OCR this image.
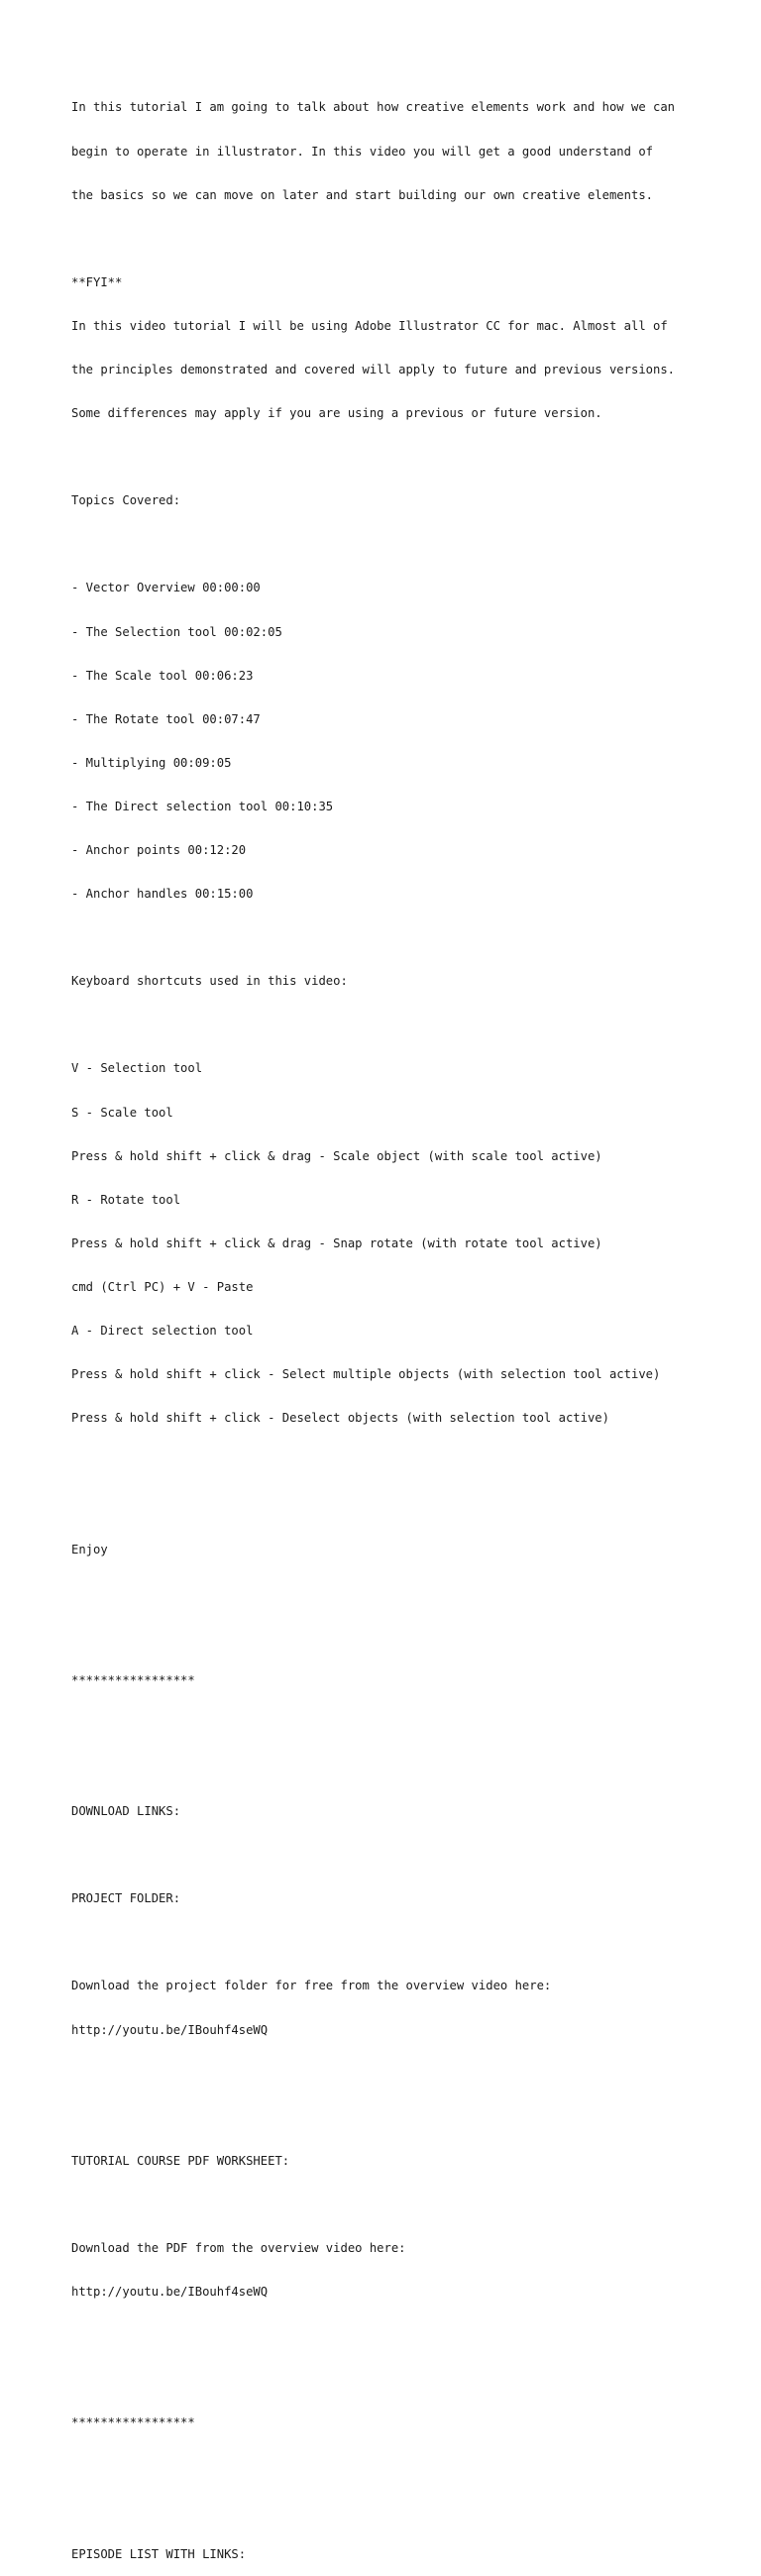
In this tutorial I am going to talk about how creative elements work and how we can

begin to operate in illustrator. In this video you will get a good understand of

the basics so we can move on later and start building our own creative elements.

**FYI**

In this video tutorial I will be using Adobe Illustrator CC for mac. Almost all of

the principles demonstrated and covered will apply to future and previous versions.

Some differences may apply if you are using a previous or future version.

Topics Covered:

- Vector Overview 00:00:00

- The Selection tool 00:02:05

- The Scale tool 00:06:23

- The Rotate tool 00:07:47

- Multiplying 00:09:05

- The Direct selection tool 00:10:35

- Anchor points 00:12:20

- Anchor handles 00:15:00

Keyboard shortcuts used in this video:

V - Selection tool

S - Scale tool

Press & hold shift + click & drag - Scale object (with scale tool active)

R - Rotate tool

Press & hold shift + click & drag - Snap rotate (with rotate tool active)

cmd (Ctrl PC) + V - Paste

A - Direct selection tool

Press & hold shift + click - Select multiple objects (with selection tool active)

Press & hold shift + click - Deselect objects (with selection tool active)

Enjoy

*****************

DOWNLOAD LINKS:

PROJECT FOLDER:

Download the project folder for free from the overview video here:

http://youtu.be/IBouhf4seWQ

TUTORIAL COURSE PDF WORKSHEET:

Download the PDF from the overview video here:

http://youtu.be/IBouhf4seWQ

*****************

EPISODE LIST WITH LINKS:
